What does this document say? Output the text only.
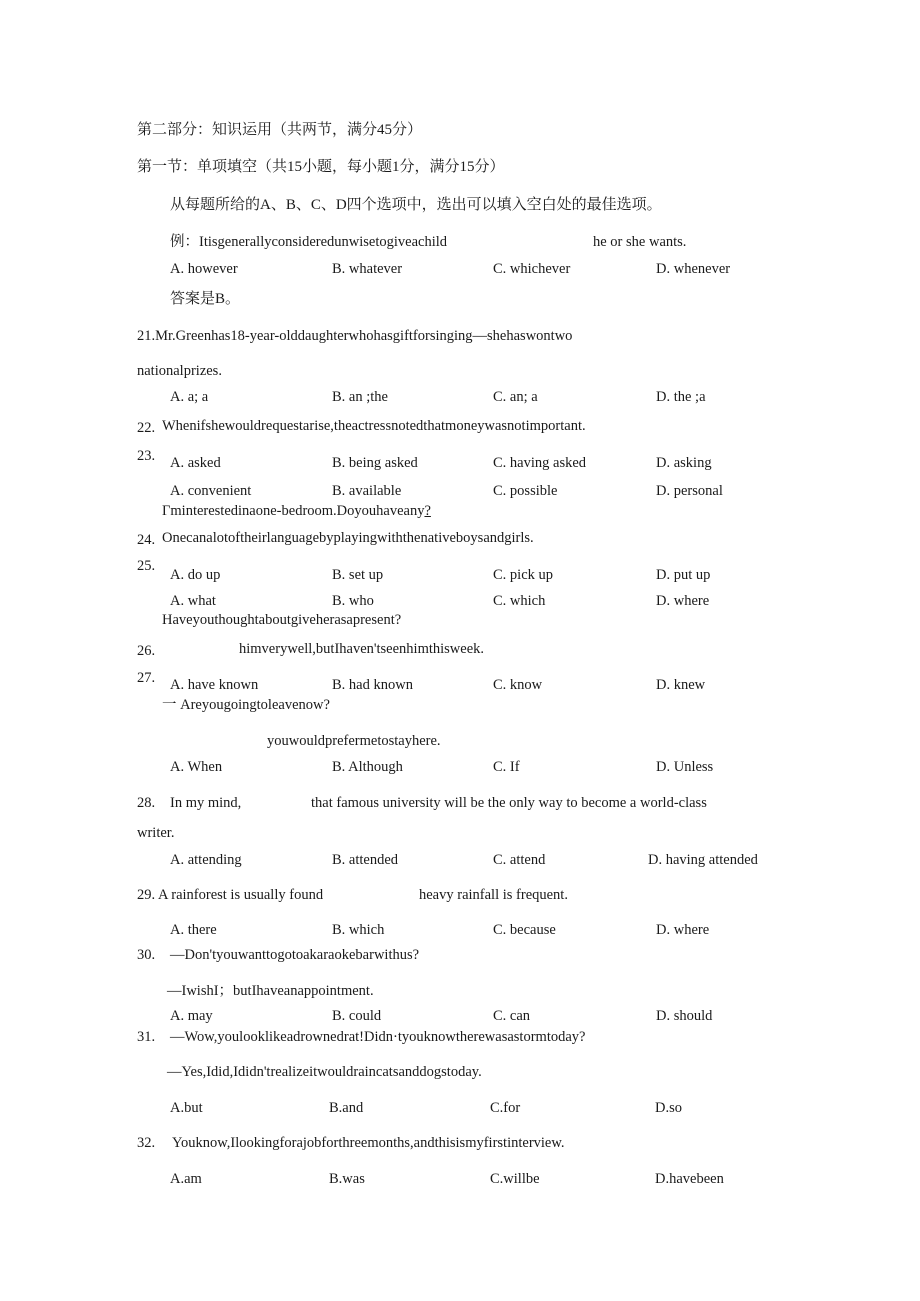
第二部分：知识运用（共两节，满分45分）
第一节：单项填空（共15小题，每小题1分，满分15分）
从每题所给的A、B、C、D四个选项中，选出可以填入空白处的最佳选项。
例：Itisgenerallyconsideredunwisetogiveachild	he or she wants.
A. however	B. whatever	C. whichever	D. whenever
答案是B。
21.Mr.Greenhas18-year-olddaughterwhohasgiftforsinging—shehaswontwo
nationalprizes.
A. a; a	B. an ;the	C. an; a	D. the ;a
22. Whenifshewouldrequestarise,theactressnotedthatmoneywasnotimportant.
A. asked	B. being asked	C. having asked	D. asking
23.
A. convenient	B. available	C. possible	D. personal
Γminterestedinaone-bedroom.Doyouhaveany?
24. Onecanalotoftheirlanguagebyplayingwiththenativeboysandgirls.
A. do up	B. set up	C. pick up	D. put up
25.
A. what	B. who	C. which	D. where
Haveyouthoughtaboutgiveherasapresent?
26.	himverywell,butIhaven'tseenhimthisweek.
27. A. have known	B. had known	C. know	D. knew
一 Areyougoingtoleavenow?
youwouldprefermetostayhere.
A. When	B. Although	C. If	D. Unless
28. In my mind,	that famous university will be the only way to become a world-class
writer.
A. attending	B. attended	C. attend	D. having attended
29. A rainforest is usually found	heavy rainfall is frequent.
A. there	B. which	C. because	D. where
30. —Don'tyouwanttogotoakaraokebarwithus?
—IwishI；butIhaveanappointment.
A. may	B. could	C. can	D. should
31. —Wow,youlooklikeadrownedrat!Didn·tyouknowtherewasastormtoday?
—Yes,Idid,Ididn'trealizeitwouldraincatsanddogstoday.
A.but	B.and	C.for	D.so
32. Youknow,Ilookingforajobforthreemonths,andthisismyfirstinterview.
A.am	B.was	C.willbe	D.havebeen
